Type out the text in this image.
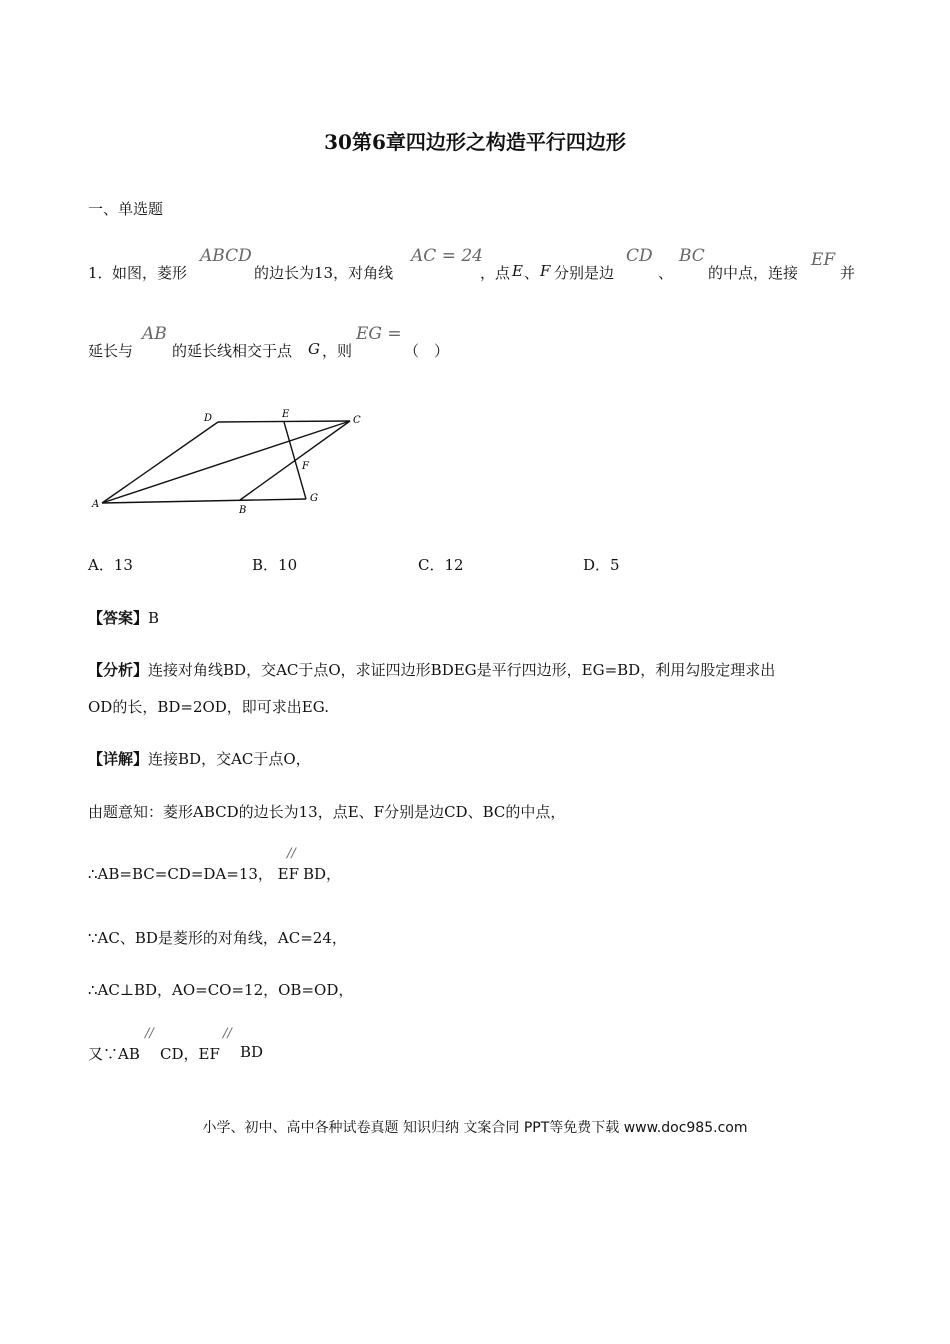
30第6章四边形之构造平行四边形
一、单选题
1． 如图，菱形
ABCD
的边长为13，对角线
AC = 24
，点 E 、 F 分别是边
CD
、
BC
的中点，连接
EF
并
延长与
AB
的延长线相交于点 G ，则
EG =
（　）
A
B
C
D	E
F
G
A．13	B．10	C．12	D．5
【答案】B
【分析】连接对角线BD，交AC于点O，求证四边形BDEG是平行四边形，EG=BD，利用勾股定理求出
OD的长，BD=2OD，即可求出EG.
【详解】连接BD，交AC于点O，
由题意知：菱形ABCD的边长为13，点E、F分别是边CD、BC的中点，
∴AB=BC=CD=DA=13， EF
//
BD，
∵AC、BD是菱形的对角线，AC=24，
∴AC⊥BD，AO=CO=12，OB=OD，
又∵AB
//
CD，EF
//
BD
小学、初中、高中各种试卷真题 知识归纳 文案合同 PPT等免费下载 www.doc985.com
